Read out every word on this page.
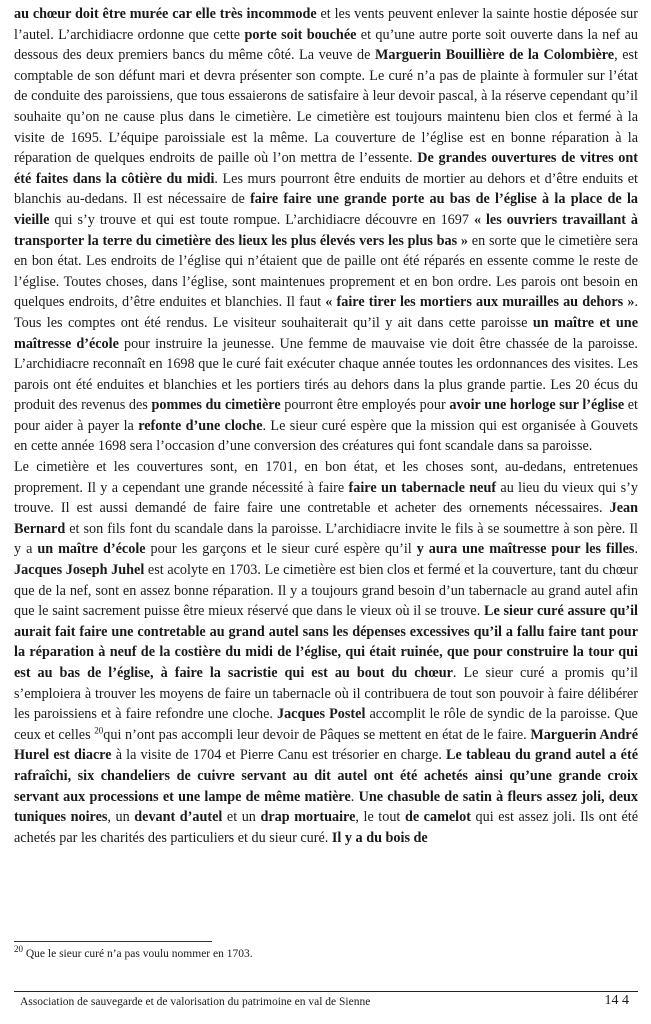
au chœur doit être murée car elle très incommode et les vents peuvent enlever la sainte hostie déposée sur l’autel. L’archidiacre ordonne que cette porte soit bouchée et qu’une autre porte soit ouverte dans la nef au dessous des deux premiers bancs du même côté. La veuve de Marguerin Bouillière de la Colombière, est comptable de son défunt mari et devra présenter son compte. Le curé n’a pas de plainte à formuler sur l’état de conduite des paroissiens, que tous essaierons de satisfaire à leur devoir pascal, à la réserve cependant qu’il souhaite qu’on ne cause plus dans le cimetière. Le cimetière est toujours maintenu bien clos et fermé à la visite de 1695. L’équipe paroissiale est la même. La couverture de l’église est en bonne réparation à la réparation de quelques endroits de paille où l’on mettra de l’essente. De grandes ouvertures de vitres ont été faites dans la côtière du midi. Les murs pourront être enduits de mortier au dehors et d’être enduits et blanchis au-dedans. Il est nécessaire de faire faire une grande porte au bas de l’église à la place de la vieille qui s’y trouve et qui est toute rompue. L’archidiacre découvre en 1697 « les ouvriers travaillant à transporter la terre du cimetière des lieux les plus élevés vers les plus bas » en sorte que le cimetière sera en bon état. Les endroits de l’église qui n’étaient que de paille ont été réparés en essente comme le reste de l’église. Toutes choses, dans l’église, sont maintenues proprement et en bon ordre. Les parois ont besoin en quelques endroits, d’être enduites et blanchies. Il faut « faire tirer les mortiers aux murailles au dehors ». Tous les comptes ont été rendus. Le visiteur souhaiterait qu’il y ait dans cette paroisse un maître et une maîtresse d’école pour instruire la jeunesse. Une femme de mauvaise vie doit être chassée de la paroisse. L’archidiacre reconnaît en 1698 que le curé fait exécuter chaque année toutes les ordonnances des visites. Les parois ont été enduites et blanchies et les portiers tirés au dehors dans la plus grande partie. Les 20 écus du produit des revenus des pommes du cimetière pourront être employés pour avoir une horloge sur l’église et pour aider à payer la refonte d’une cloche. Le sieur curé espère que la mission qui est organisée à Gouvets en cette année 1698 sera l’occasion d’une conversion des créatures qui font scandale dans sa paroisse.

Le cimetière et les couvertures sont, en 1701, en bon état, et les choses sont, au-dedans, entretenues proprement. Il y a cependant une grande nécessité à faire faire un tabernacle neuf au lieu du vieux qui s’y trouve. Il est aussi demandé de faire faire une contretable et acheter des ornements nécessaires. Jean Bernard et son fils font du scandale dans la paroisse. L’archidiacre invite le fils à se soumettre à son père. Il y a un maître d’école pour les garçons et le sieur curé espère qu’il y aura une maîtresse pour les filles. Jacques Joseph Juhel est acolyte en 1703. Le cimetière est bien clos et fermé et la couverture, tant du chœur que de la nef, sont en assez bonne réparation. Il y a toujours grand besoin d’un tabernacle au grand autel afin que le saint sacrement puisse être mieux réservé que dans le vieux où il se trouve. Le sieur curé assure qu’il aurait fait faire une contretable au grand autel sans les dépenses excessives qu’il a fallu faire tant pour la réparation à neuf de la costière du midi de l’église, qui était ruinée, que pour construire la tour qui est au bas de l’église, à faire la sacristie qui est au bout du chœur. Le sieur curé a promis qu’il s’emploiera à trouver les moyens de faire un tabernacle où il contribuera de tout son pouvoir à faire délibérer les paroissiens et à faire refondre une cloche. Jacques Postel accomplit le rôle de syndic de la paroisse. Que ceux et celles $^{20}$qui n’ont pas accompli leur devoir de Pâques se mettent en état de le faire. Marguerin André Hurel est diacre à la visite de 1704 et Pierre Canu est trésorier en charge. Le tableau du grand autel a été rafraîchi, six chandeliers de cuivre servant au dit autel ont été achetés ainsi qu’une grande croix servant aux processions et une lampe de même matière. Une chasuble de satin à fleurs assez joli, deux tuniques noires, un devant d’autel et un drap mortuaire, le tout de camelot qui est assez joli. Ils ont été achetés par les charités des particuliers et du sieur curé. Il y a du bois de

$^{20}$ Que le sieur curé n’a pas voulu nommer en 1703.
Association de sauvegarde et de valorisation du patrimoine en val de Sienne	14 4
